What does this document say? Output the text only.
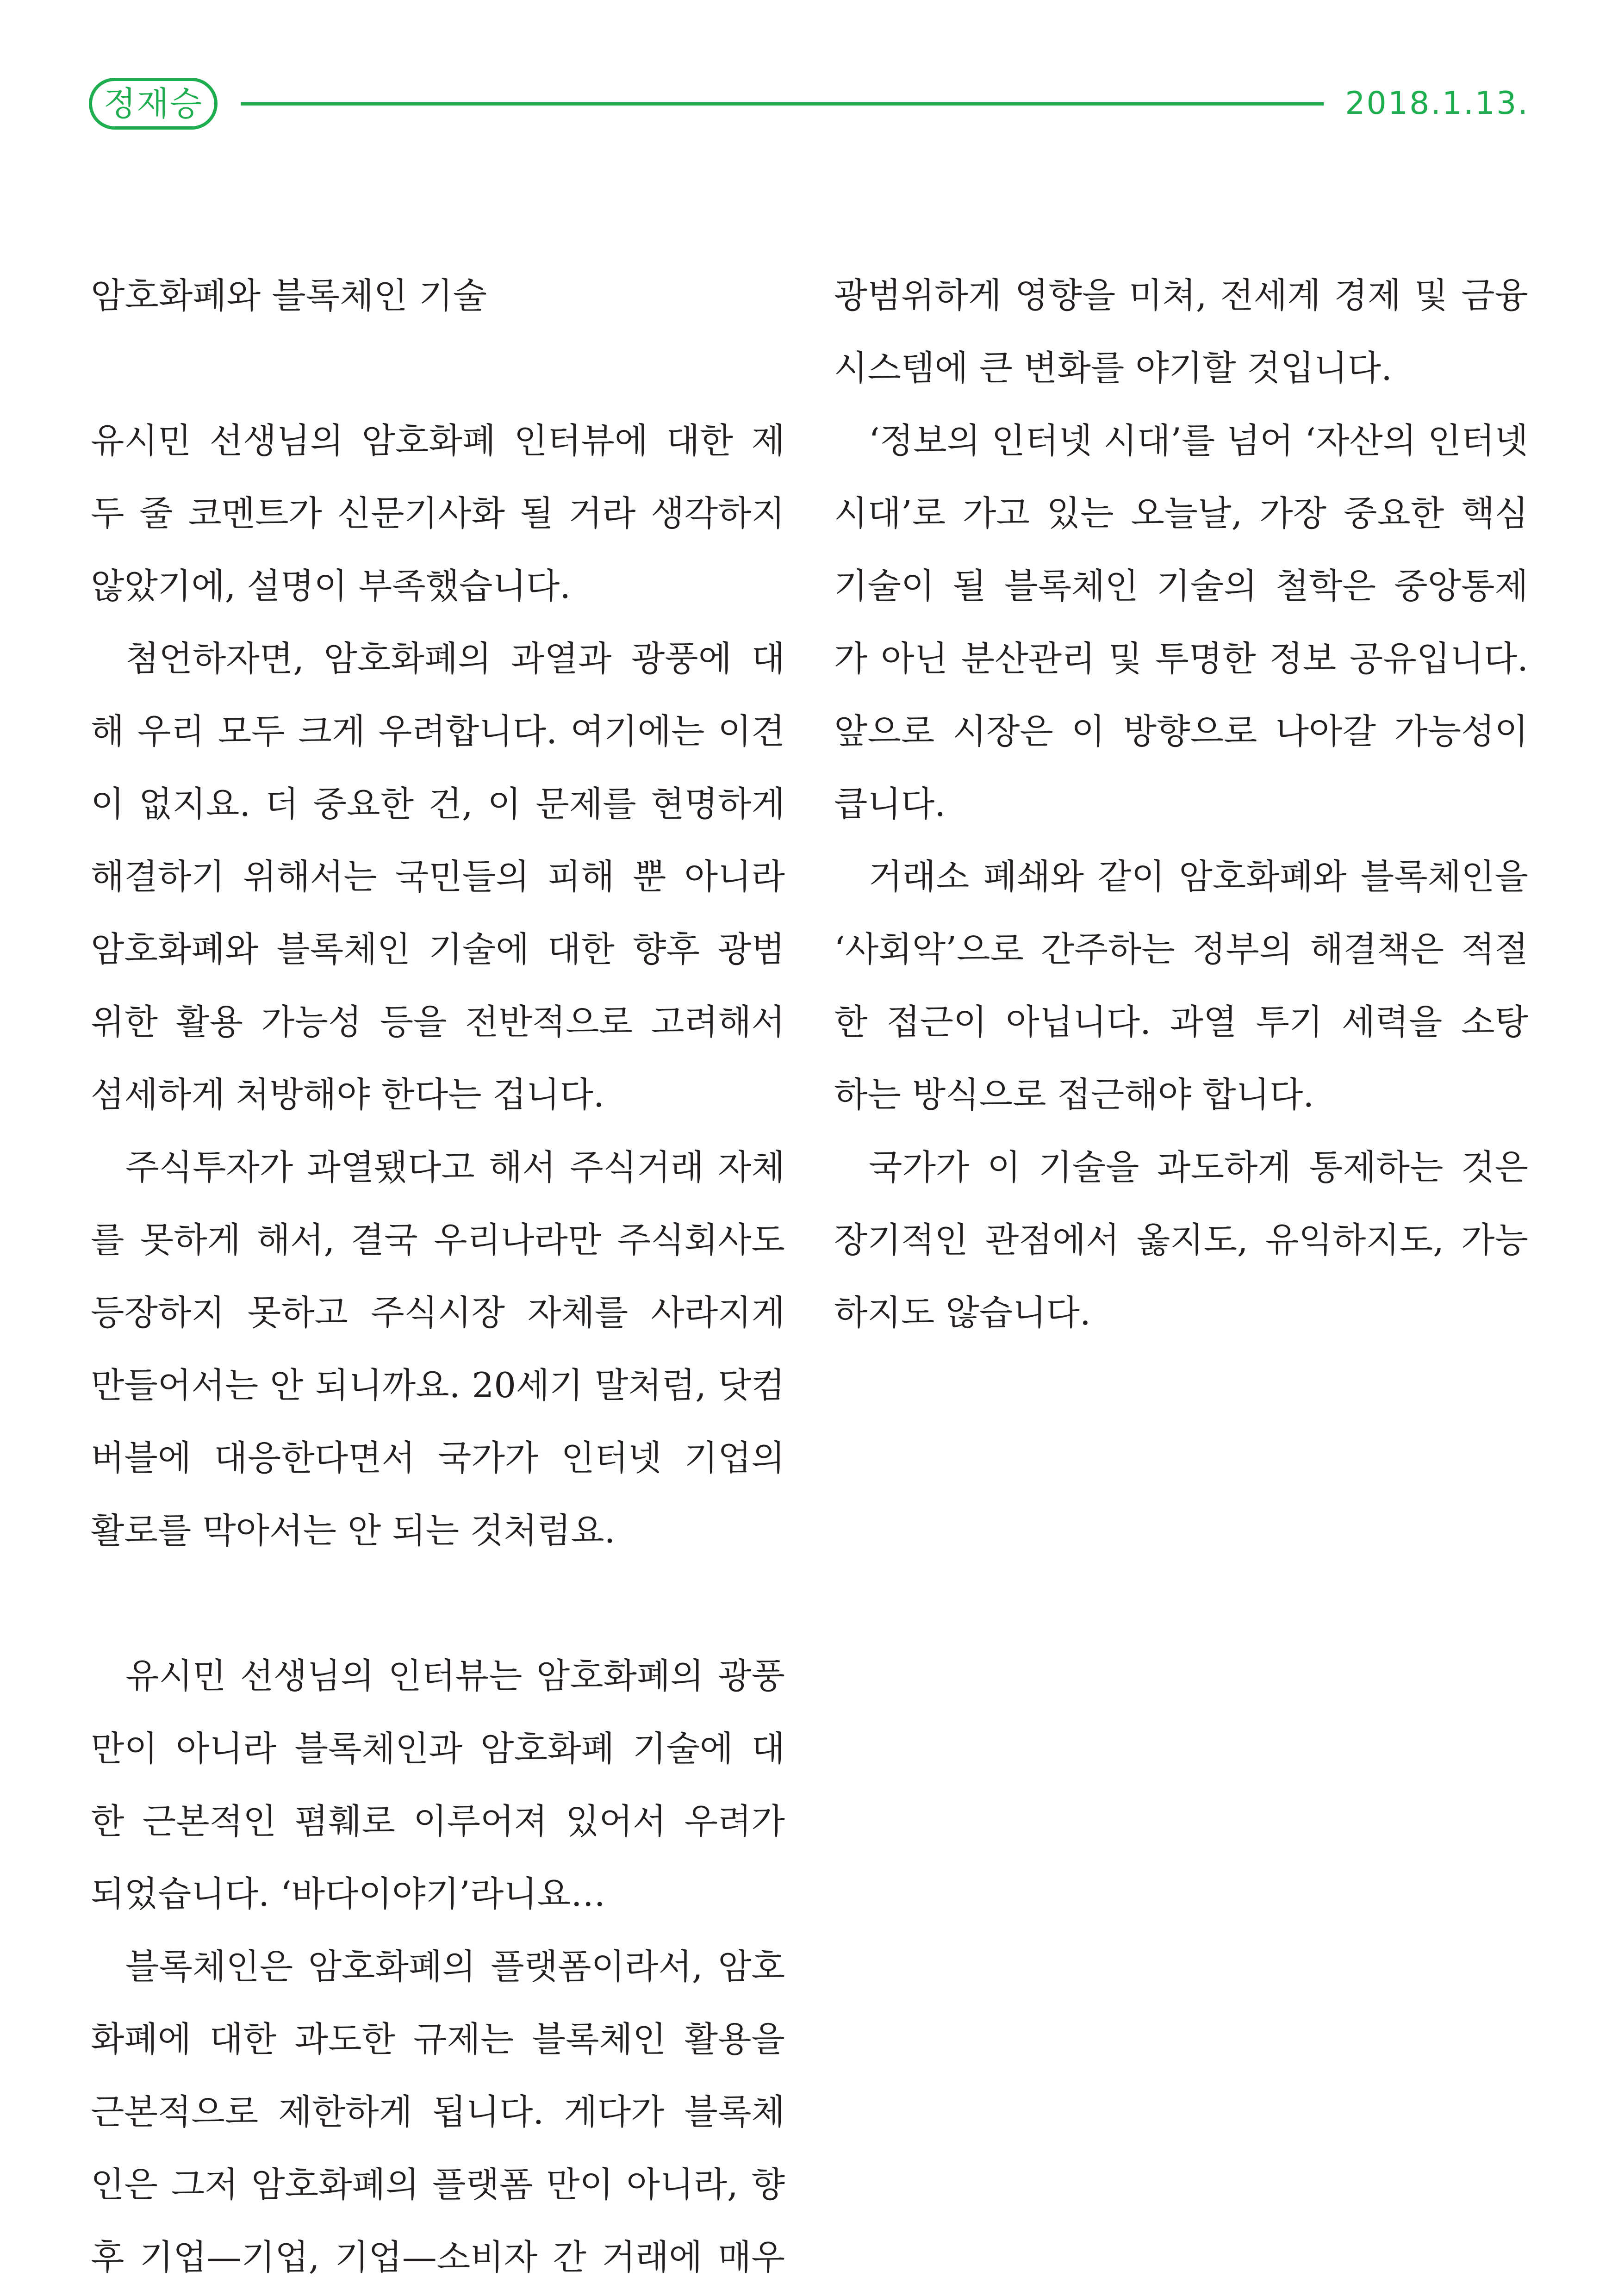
정재승	2018.1.13.
암호화폐와 블록체인 기술
유시민 선생님의 암호화폐 인터뷰에 대한 제
두 줄 코멘트가 신문기사화 될 거라 생각하지
않았기에, 설명이 부족했습니다.
첨언하자면, 암호화폐의 과열과 광풍에 대
해 우리 모두 크게 우려합니다. 여기에는 이견
이 없지요. 더 중요한 건, 이 문제를 현명하게
해결하기 위해서는 국민들의 피해 뿐 아니라
암호화폐와 블록체인 기술에 대한 향후 광범
위한 활용 가능성 등을 전반적으로 고려해서
섬세하게 처방해야 한다는 겁니다.
주식투자가 과열됐다고 해서 주식거래 자체
를 못하게 해서, 결국 우리나라만 주식회사도
등장하지 못하고 주식시장 자체를 사라지게
만들어서는 안 되니까요. 20세기 말처럼, 닷컴
버블에 대응한다면서 국가가 인터넷 기업의
활로를 막아서는 안 되는 것처럼요.
유시민 선생님의 인터뷰는 암호화폐의 광풍
만이 아니라 블록체인과 암호화폐 기술에 대
한 근본적인 폄훼로 이루어져 있어서 우려가
되었습니다. ‘바다이야기’라니요…
블록체인은 암호화폐의 플랫폼이라서, 암호
화폐에 대한 과도한 규제는 블록체인 활용을
근본적으로 제한하게 됩니다. 게다가 블록체
인은 그저 암호화폐의 플랫폼 만이 아니라, 향
후 기업—기업, 기업—소비자 간 거래에 매우
광범위하게 영향을 미쳐, 전세계 경제 및 금융
시스템에 큰 변화를 야기할 것입니다.
‘정보의 인터넷 시대’를 넘어 ‘자산의 인터넷
시대’로 가고 있는 오늘날, 가장 중요한 핵심
기술이 될 블록체인 기술의 철학은 중앙통제
가 아닌 분산관리 및 투명한 정보 공유입니다.
앞으로 시장은 이 방향으로 나아갈 가능성이
큽니다.
거래소 폐쇄와 같이 암호화폐와 블록체인을
‘사회악’으로 간주하는 정부의 해결책은 적절
한 접근이 아닙니다. 과열 투기 세력을 소탕
하는 방식으로 접근해야 합니다.
국가가 이 기술을 과도하게 통제하는 것은
장기적인 관점에서 옳지도, 유익하지도, 가능
하지도 않습니다.
